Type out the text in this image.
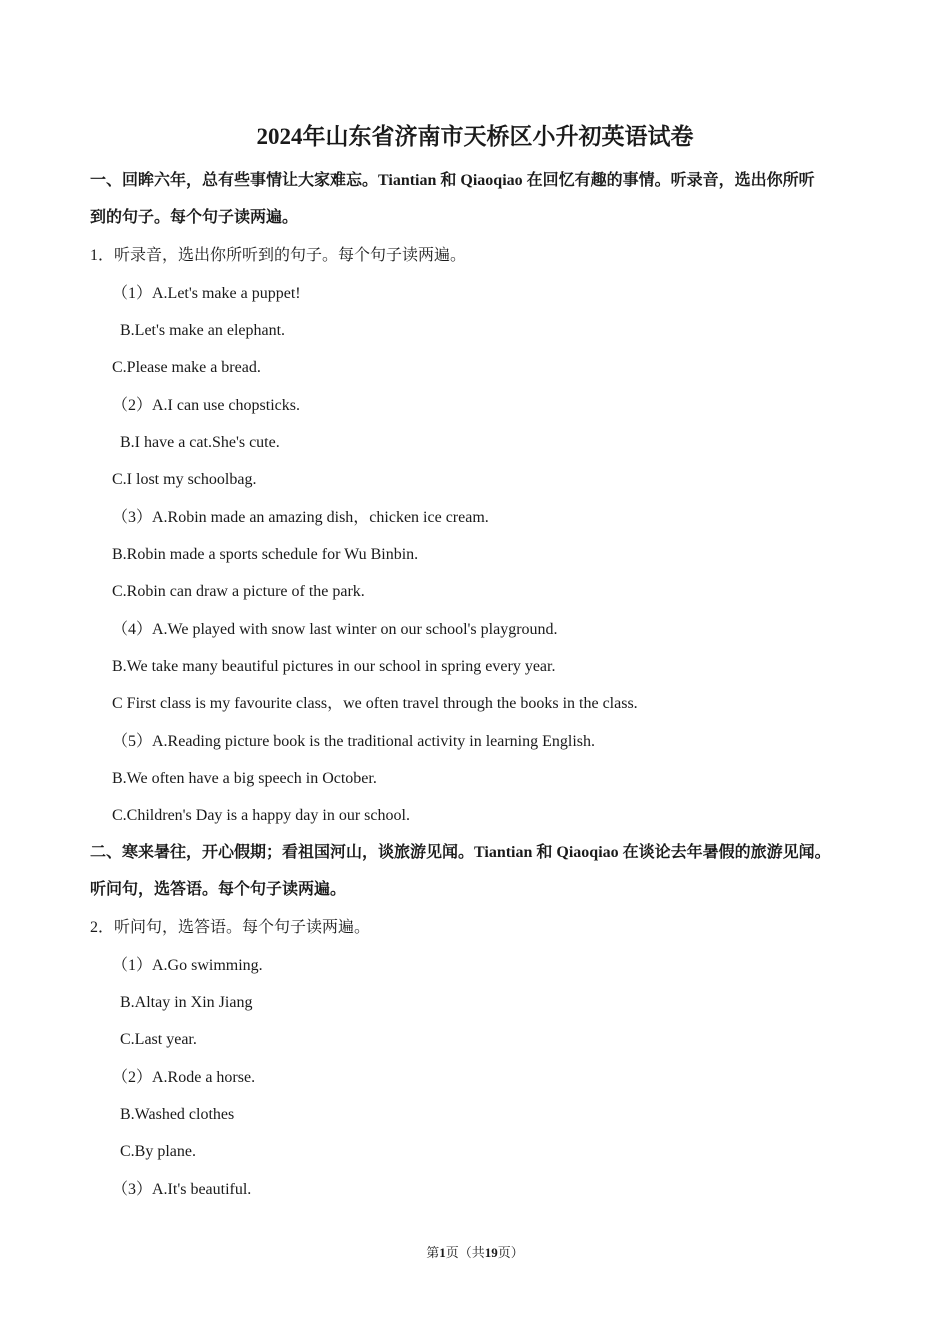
2024年山东省济南市天桥区小升初英语试卷
一、回眸六年，总有些事情让大家难忘。Tiantian 和 Qiaoqiao 在回忆有趣的事情。听录音，选出你所听
到的句子。每个句子读两遍。
1．听录音，选出你所听到的句子。每个句子读两遍。
（1）A.Let's make a puppet!
B.Let's make an elephant.
C.Please make a bread.
（2）A.I can use chopsticks.
B.I have a cat.She's cute.
C.I lost my schoolbag.
（3）A.Robin made an amazing dish，chicken ice cream.
B.Robin made a sports schedule for Wu Binbin.
C.Robin can draw a picture of the park.
（4）A.We played with snow last winter on our school's playground.
B.We take many beautiful pictures in our school in spring every year.
C First class is my favourite class，we often travel through the books in the class.
（5）A.Reading picture book is the traditional activity in learning English.
B.We often have a big speech in October.
C.Children's Day is a happy day in our school.
二、寒来暑往，开心假期；看祖国河山，谈旅游见闻。Tiantian 和 Qiaoqiao 在谈论去年暑假的旅游见闻。
听问句，选答语。每个句子读两遍。
2．听问句，选答语。每个句子读两遍。
（1）A.Go swimming.
B.Altay in Xin Jiang
C.Last year.
（2）A.Rode a horse.
B.Washed clothes
C.By plane.
（3）A.It's beautiful.
第1页（共19页）
